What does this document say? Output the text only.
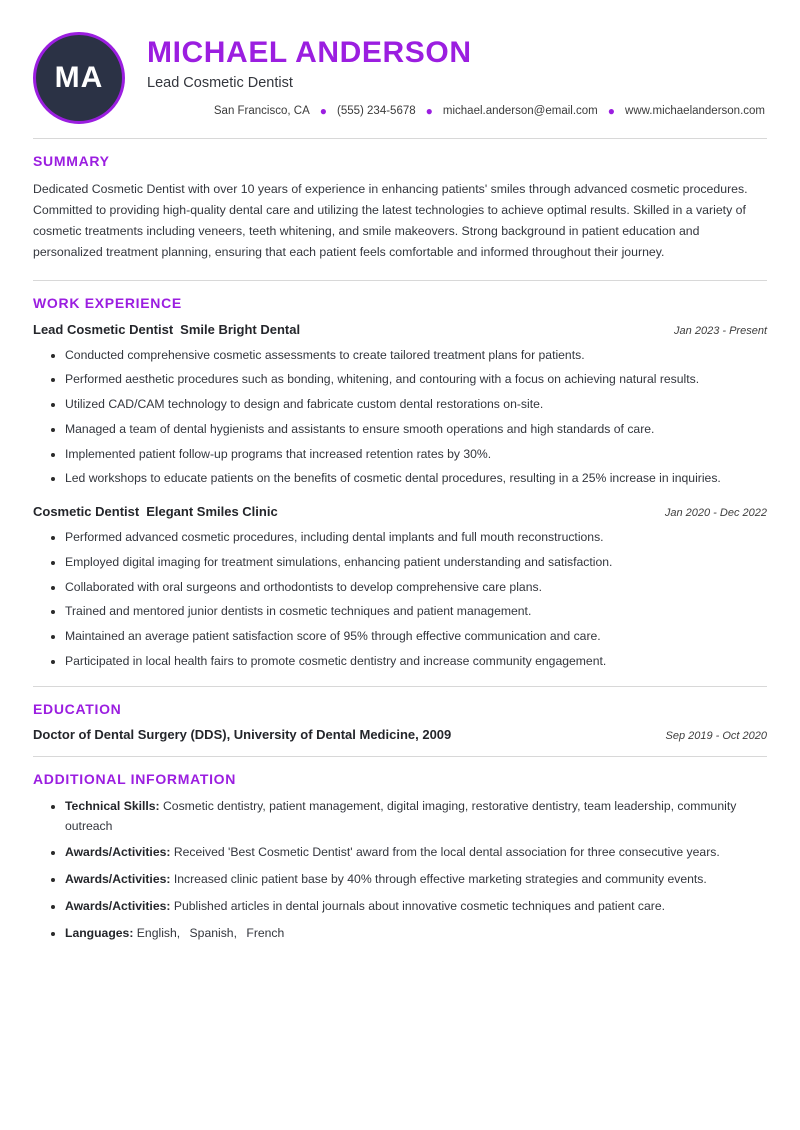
MA
MICHAEL ANDERSON
Lead Cosmetic Dentist
San Francisco, CA ● (555) 234-5678 ● michael.anderson@email.com ● www.michaelanderson.com
SUMMARY

Dedicated Cosmetic Dentist with over 10 years of experience in enhancing patients' smiles through advanced cosmetic procedures. Committed to providing high-quality dental care and utilizing the latest technologies to achieve optimal results. Skilled in a variety of cosmetic treatments including veneers, teeth whitening, and smile makeovers. Strong background in patient education and personalized treatment planning, ensuring that each patient feels comfortable and informed throughout their journey.

WORK EXPERIENCE
Lead Cosmetic Dentist Smile Bright Dental	Jan 2023 - Present
Conducted comprehensive cosmetic assessments to create tailored treatment plans for patients.
Performed aesthetic procedures such as bonding, whitening, and contouring with a focus on achieving natural results.
Utilized CAD/CAM technology to design and fabricate custom dental restorations on-site.
Managed a team of dental hygienists and assistants to ensure smooth operations and high standards of care.
Implemented patient follow-up programs that increased retention rates by 30%.
Led workshops to educate patients on the benefits of cosmetic dental procedures, resulting in a 25% increase in inquiries.
Cosmetic Dentist Elegant Smiles Clinic	Jan 2020 - Dec 2022
Performed advanced cosmetic procedures, including dental implants and full mouth reconstructions.
Employed digital imaging for treatment simulations, enhancing patient understanding and satisfaction.
Collaborated with oral surgeons and orthodontists to develop comprehensive care plans.
Trained and mentored junior dentists in cosmetic techniques and patient management.
Maintained an average patient satisfaction score of 95% through effective communication and care.
Participated in local health fairs to promote cosmetic dentistry and increase community engagement.
EDUCATION
Doctor of Dental Surgery (DDS), University of Dental Medicine, 2009	Sep 2019 - Oct 2020
ADDITIONAL INFORMATION
Technical Skills: Cosmetic dentistry, patient management, digital imaging, restorative dentistry, team leadership, community outreach
Awards/Activities: Received 'Best Cosmetic Dentist' award from the local dental association for three consecutive years.
Awards/Activities: Increased clinic patient base by 40% through effective marketing strategies and community events.
Awards/Activities: Published articles in dental journals about innovative cosmetic techniques and patient care.
Languages: English, Spanish, French
